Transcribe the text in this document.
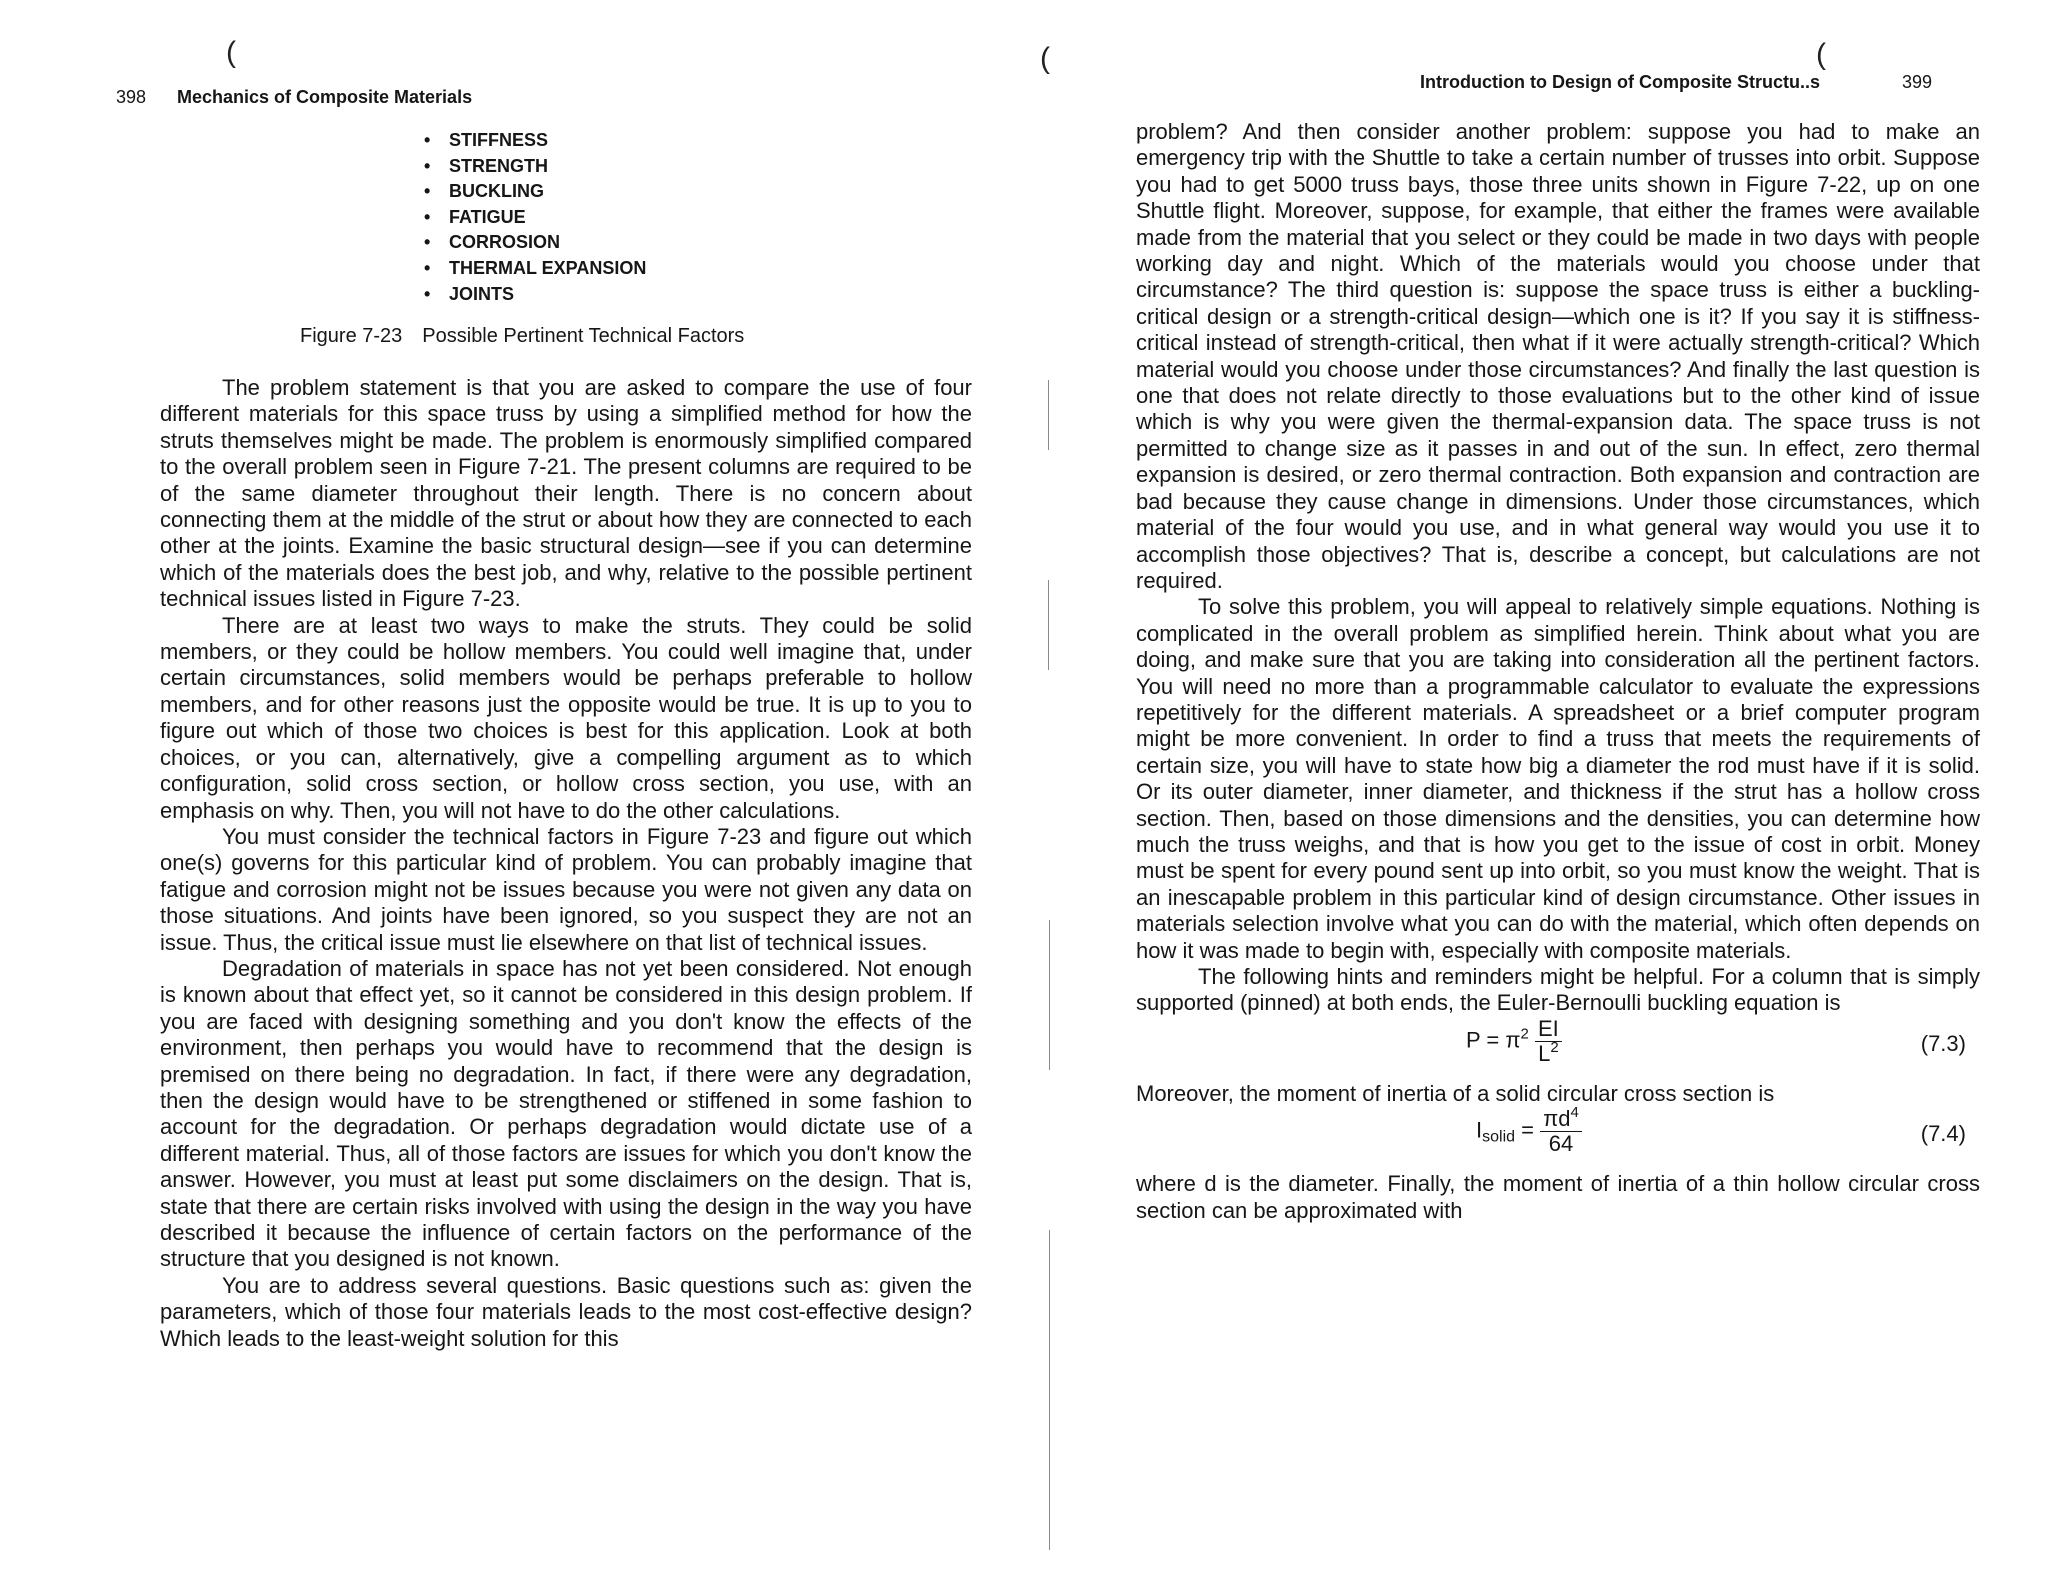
(
398 Mechanics of Composite Materials
• STIFFNESS
• STRENGTH
• BUCKLING
• FATIGUE
• CORROSION
• THERMAL EXPANSION
• JOINTS
Figure 7-23 Possible Pertinent Technical Factors

The problem statement is that you are asked to compare the use of four different materials for this space truss by using a simplified method for how the struts themselves might be made. The problem is enormously simplified compared to the overall problem seen in Figure 7-21. The present columns are required to be of the same diameter throughout their length. There is no concern about connecting them at the middle of the strut or about how they are connected to each other at the joints. Examine the basic structural design—see if you can determine which of the materials does the best job, and why, relative to the possible pertinent technical issues listed in Figure 7-23.

There are at least two ways to make the struts. They could be solid members, or they could be hollow members. You could well imagine that, under certain circumstances, solid members would be perhaps preferable to hollow members, and for other reasons just the opposite would be true. It is up to you to figure out which of those two choices is best for this application. Look at both choices, or you can, alternatively, give a compelling argument as to which configuration, solid cross section, or hollow cross section, you use, with an emphasis on why. Then, you will not have to do the other calculations.

You must consider the technical factors in Figure 7-23 and figure out which one(s) governs for this particular kind of problem. You can probably imagine that fatigue and corrosion might not be issues because you were not given any data on those situations. And joints have been ignored, so you suspect they are not an issue. Thus, the critical issue must lie elsewhere on that list of technical issues.

Degradation of materials in space has not yet been considered. Not enough is known about that effect yet, so it cannot be considered in this design problem. If you are faced with designing something and you don't know the effects of the environment, then perhaps you would have to recommend that the design is premised on there being no degradation. In fact, if there were any degradation, then the design would have to be strengthened or stiffened in some fashion to account for the degradation. Or perhaps degradation would dictate use of a different material. Thus, all of those factors are issues for which you don't know the answer. However, you must at least put some disclaimers on the design. That is, state that there are certain risks involved with using the design in the way you have described it because the influence of certain factors on the performance of the structure that you designed is not known.

You are to address several questions. Basic questions such as: given the parameters, which of those four materials leads to the most cost-effective design? Which leads to the least-weight solution for this

(	(
Introduction to Design of Composite Structu..s	399

problem? And then consider another problem: suppose you had to make an emergency trip with the Shuttle to take a certain number of trusses into orbit. Suppose you had to get 5000 truss bays, those three units shown in Figure 7-22, up on one Shuttle flight. Moreover, suppose, for example, that either the frames were available made from the material that you select or they could be made in two days with people working day and night. Which of the materials would you choose under that circumstance? The third question is: suppose the space truss is either a buckling-critical design or a strength-critical design—which one is it? If you say it is stiffness-critical instead of strength-critical, then what if it were actually strength-critical? Which material would you choose under those circumstances? And finally the last question is one that does not relate directly to those evaluations but to the other kind of issue which is why you were given the thermal-expansion data. The space truss is not permitted to change size as it passes in and out of the sun. In effect, zero thermal expansion is desired, or zero thermal contraction. Both expansion and contraction are bad because they cause change in dimensions. Under those circumstances, which material of the four would you use, and in what general way would you use it to accomplish those objectives? That is, describe a concept, but calculations are not required.

To solve this problem, you will appeal to relatively simple equations. Nothing is complicated in the overall problem as simplified herein. Think about what you are doing, and make sure that you are taking into consideration all the pertinent factors. You will need no more than a programmable calculator to evaluate the expressions repetitively for the different materials. A spreadsheet or a brief computer program might be more convenient. In order to find a truss that meets the requirements of certain size, you will have to state how big a diameter the rod must have if it is solid. Or its outer diameter, inner diameter, and thickness if the strut has a hollow cross section. Then, based on those dimensions and the densities, you can determine how much the truss weighs, and that is how you get to the issue of cost in orbit. Money must be spent for every pound sent up into orbit, so you must know the weight. That is an inescapable problem in this particular kind of design circumstance. Other issues in materials selection involve what you can do with the material, which often depends on how it was made to begin with, especially with composite materials.

The following hints and reminders might be helpful. For a column that is simply supported (pinned) at both ends, the Euler-Bernoulli buckling equation is

$P = \pi^2 \frac{EI}{L^2}$	(7.3)

Moreover, the moment of inertia of a solid circular cross section is

$I_{solid} = \frac{\pi d^4}{64}$	(7.4)

where d is the diameter. Finally, the moment of inertia of a thin hollow circular cross section can be approximated with
